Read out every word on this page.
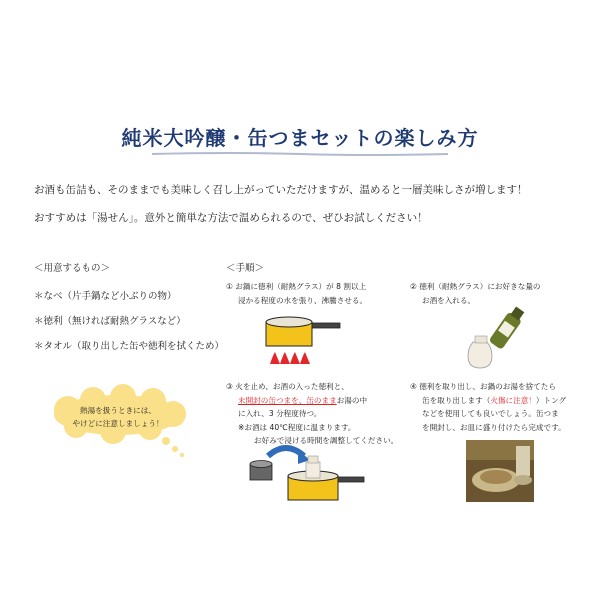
純米大吟醸・缶つまセットの楽しみ方
お酒も缶詰も、そのままでも美味しく召し上がっていただけますが、温めると一層美味しさが増します！
おすすめは「湯せん」。意外と簡単な方法で温められるので、ぜひお試しください！
＜用意するもの＞
＊なべ（片手鍋など小ぶりの物）
＊徳利（無ければ耐熱グラスなど）
＊タオル（取り出した缶や徳利を拭くため）
熱湯を扱うときには、
やけどに注意しましょう！
＜手順＞
① お鍋に徳利（耐熱グラス）が 8 割以上
浸かる程度の水を張り、沸騰させる。
② 徳利（耐熱グラス）にお好きな量の
お酒を入れる。
③ 火を止め、お酒の入った徳利と、
未開封の缶つまを、缶のままお湯の中
に入れ、3 分程度待つ。
※お酒は 40℃程度に温まります。
お好みで浸ける時間を調整してください。
④ 徳利を取り出し、お鍋のお湯を捨てたら
缶を取り出します（火傷に注意！）トング
などを使用しても良いでしょう。缶つま
を開封し、お皿に盛り付けたら完成です。
